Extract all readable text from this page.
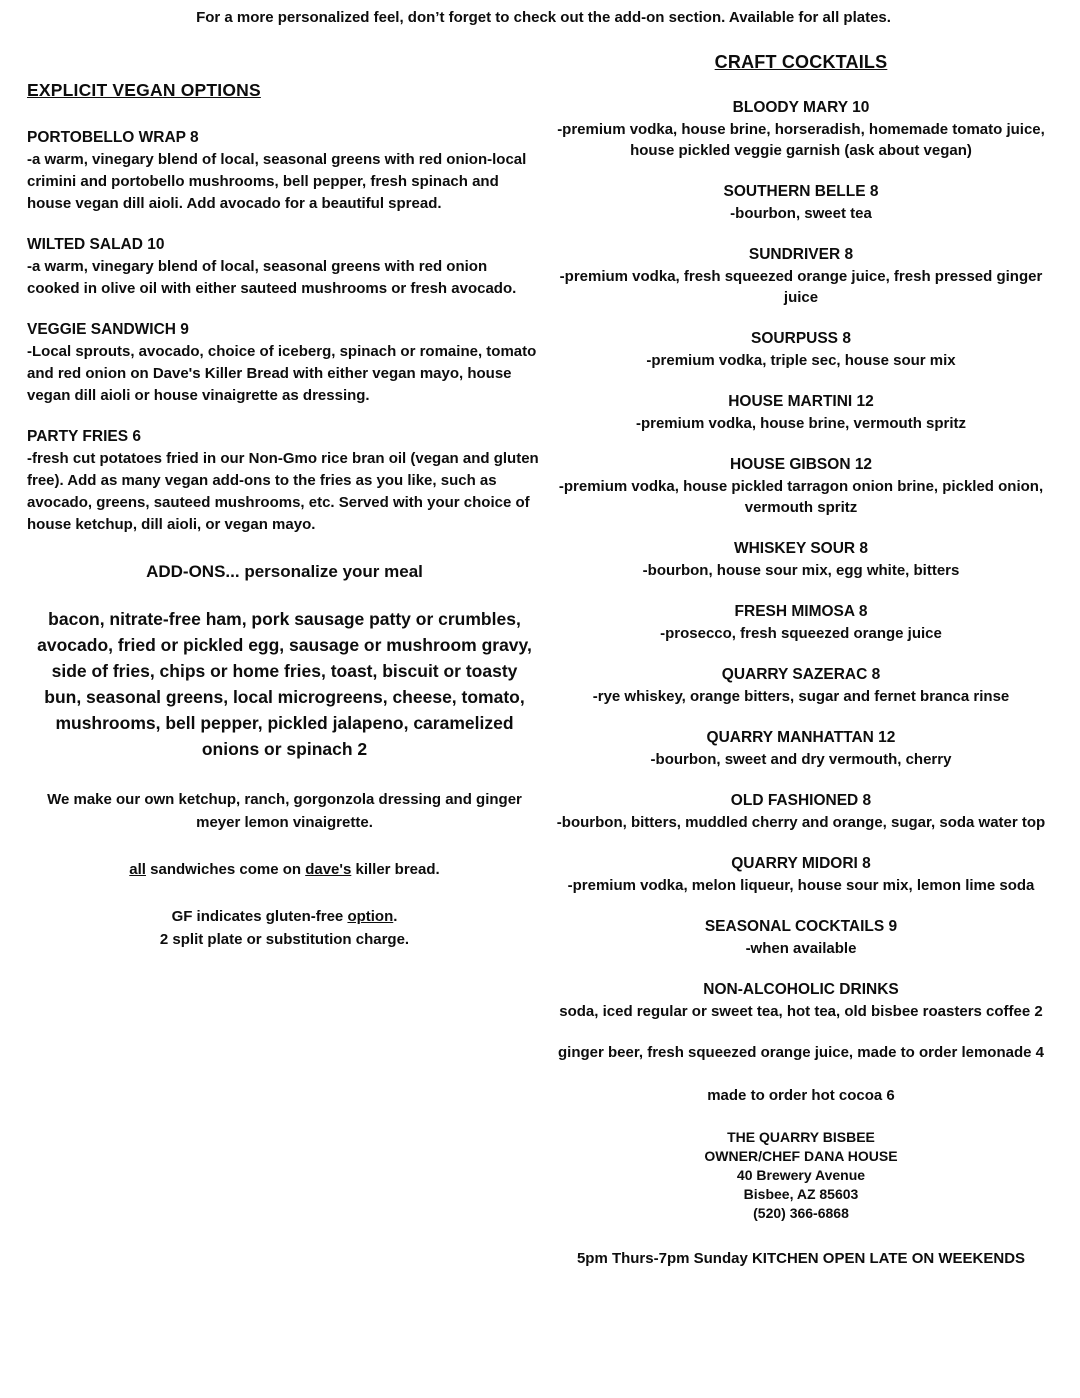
For a more personalized feel, don’t forget to check out the add-on section. Available for all plates.
EXPLICIT VEGAN OPTIONS
PORTOBELLO WRAP 8
-a warm, vinegary blend of local, seasonal greens with red onion-local crimini and portobello mushrooms, bell pepper, fresh spinach and house vegan dill aioli. Add avocado for a beautiful spread.
WILTED SALAD 10
-a warm, vinegary blend of local, seasonal greens with red onion cooked in olive oil with either sauteed mushrooms or fresh avocado.
VEGGIE SANDWICH 9
-Local sprouts, avocado, choice of iceberg, spinach or romaine, tomato and red onion on Dave's Killer Bread with either vegan mayo, house vegan dill aioli or house vinaigrette as dressing.
PARTY FRIES 6
-fresh cut potatoes fried in our Non-Gmo rice bran oil (vegan and gluten free). Add as many vegan add-ons to the fries as you like, such as avocado, greens, sauteed mushrooms, etc. Served with your choice of house ketchup, dill aioli, or vegan mayo.
ADD-ONS... personalize your meal
bacon, nitrate-free ham, pork sausage patty or crumbles, avocado, fried or pickled egg, sausage or mushroom gravy, side of fries, chips or home fries, toast, biscuit or toasty bun, seasonal greens, local microgreens, cheese, tomato, mushrooms, bell pepper, pickled jalapeno, caramelized onions or spinach 2
We make our own ketchup, ranch, gorgonzola dressing and ginger meyer lemon vinaigrette.
all sandwiches come on dave's killer bread.
GF indicates gluten-free option.
2 split plate or substitution charge.
CRAFT COCKTAILS
BLOODY MARY 10
-premium vodka, house brine, horseradish, homemade tomato juice, house pickled veggie garnish (ask about vegan)
SOUTHERN BELLE 8
-bourbon, sweet tea
SUNDRIVER 8
-premium vodka, fresh squeezed orange juice, fresh pressed ginger juice
SOURPUSS 8
-premium vodka, triple sec, house sour mix
HOUSE MARTINI 12
-premium vodka, house brine, vermouth spritz
HOUSE GIBSON 12
-premium vodka, house pickled tarragon onion brine, pickled onion, vermouth spritz
WHISKEY SOUR 8
-bourbon, house sour mix, egg white, bitters
FRESH MIMOSA 8
-prosecco, fresh squeezed orange juice
QUARRY SAZERAC 8
-rye whiskey, orange bitters, sugar and fernet branca rinse
QUARRY MANHATTAN 12
-bourbon, sweet and dry vermouth, cherry
OLD FASHIONED 8
-bourbon, bitters, muddled cherry and orange, sugar, soda water top
QUARRY MIDORI 8
-premium vodka, melon liqueur, house sour mix, lemon lime soda
SEASONAL COCKTAILS 9
-when available
NON-ALCOHOLIC DRINKS
soda, iced regular or sweet tea, hot tea, old bisbee roasters coffee 2
ginger beer, fresh squeezed orange juice, made to order lemonade 4
made to order hot cocoa 6
THE QUARRY BISBEE
OWNER/CHEF DANA HOUSE
40 Brewery Avenue
Bisbee, AZ 85603
(520) 366-6868
5pm Thurs-7pm Sunday KITCHEN OPEN LATE ON WEEKENDS
